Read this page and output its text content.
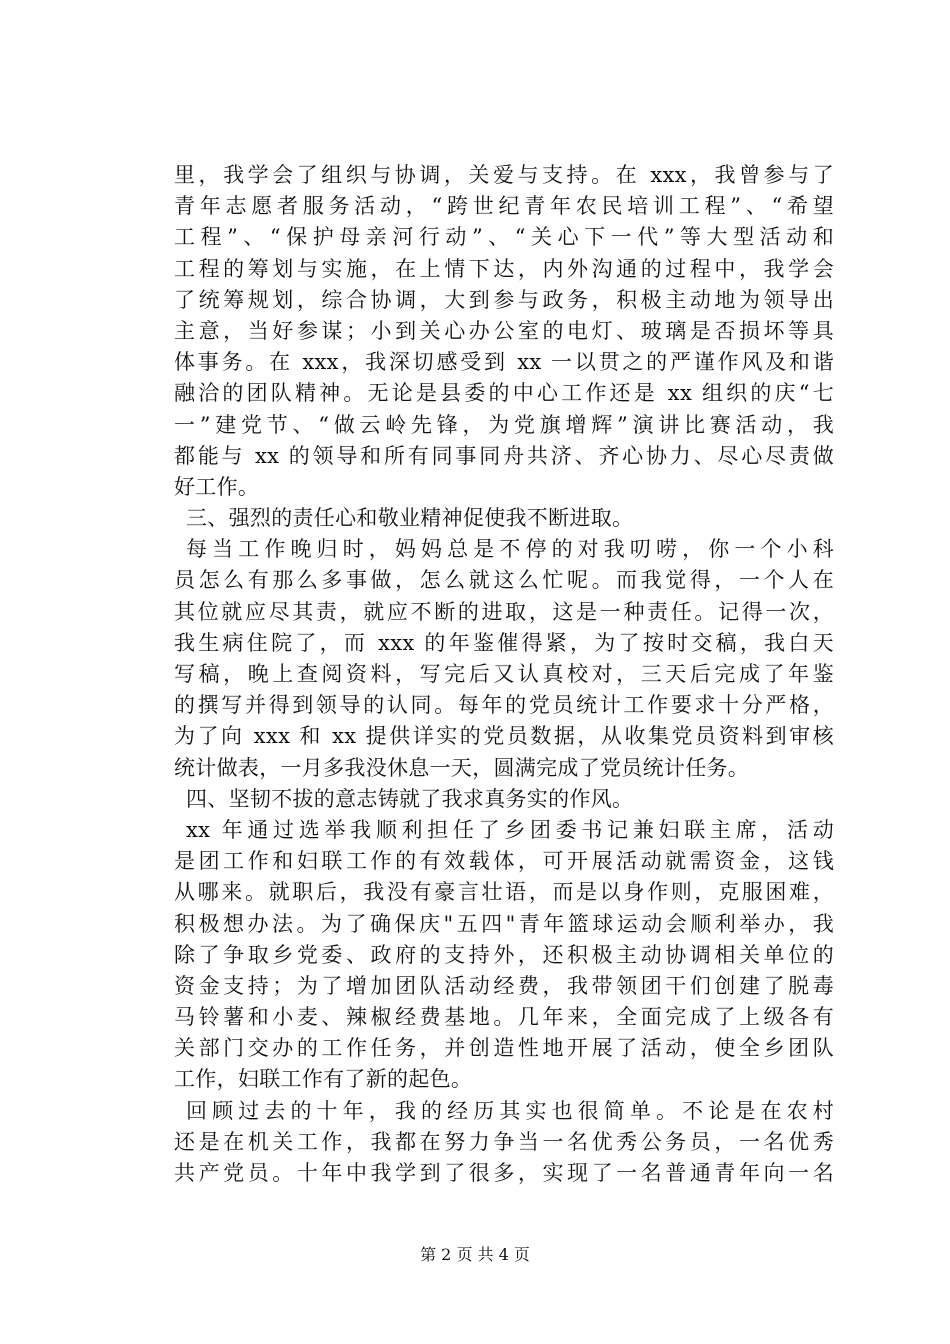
里，我学会了组织与协调，关爱与支持。在 xxx，我曾参与了
青年志愿者服务活动，“跨世纪青年农民培训工程”、“希望
工程”、“保护母亲河行动”、“关心下一代”等大型活动和
工程的筹划与实施，在上情下达，内外沟通的过程中，我学会
了统筹规划，综合协调，大到参与政务，积极主动地为领导出
主意，当好参谋；小到关心办公室的电灯、玻璃是否损坏等具
体事务。在 xxx，我深切感受到 xx 一以贯之的严谨作风及和谐
融洽的团队精神。无论是县委的中心工作还是 xx 组织的庆“七
一”建党节、“做云岭先锋，为党旗增辉”演讲比赛活动，我
都能与 xx 的领导和所有同事同舟共济、齐心协力、尽心尽责做
好工作。
三、强烈的责任心和敬业精神促使我不断进取。
每当工作晚归时，妈妈总是不停的对我叨唠，你一个小科
员怎么有那么多事做，怎么就这么忙呢。而我觉得，一个人在
其位就应尽其责，就应不断的进取，这是一种责任。记得一次，
我生病住院了，而 xxx 的年鉴催得紧，为了按时交稿，我白天
写稿，晚上查阅资料，写完后又认真校对，三天后完成了年鉴
的撰写并得到领导的认同。每年的党员统计工作要求十分严格，
为了向 xxx 和 xx 提供详实的党员数据，从收集党员资料到审核
统计做表，一月多我没休息一天，圆满完成了党员统计任务。
四、坚韧不拔的意志铸就了我求真务实的作风。
xx 年通过选举我顺利担任了乡团委书记兼妇联主席，活动
是团工作和妇联工作的有效载体，可开展活动就需资金，这钱
从哪来。就职后，我没有豪言壮语，而是以身作则，克服困难，
积极想办法。为了确保庆"五四"青年篮球运动会顺利举办，我
除了争取乡党委、政府的支持外，还积极主动协调相关单位的
资金支持；为了增加团队活动经费，我带领团干们创建了脱毒
马铃薯和小麦、辣椒经费基地。几年来，全面完成了上级各有
关部门交办的工作任务，并创造性地开展了活动，使全乡团队
工作，妇联工作有了新的起色。
回顾过去的十年，我的经历其实也很简单。不论是在农村
还是在机关工作，我都在努力争当一名优秀公务员，一名优秀
共产党员。十年中我学到了很多，实现了一名普通青年向一名
第 2 页 共 4 页
